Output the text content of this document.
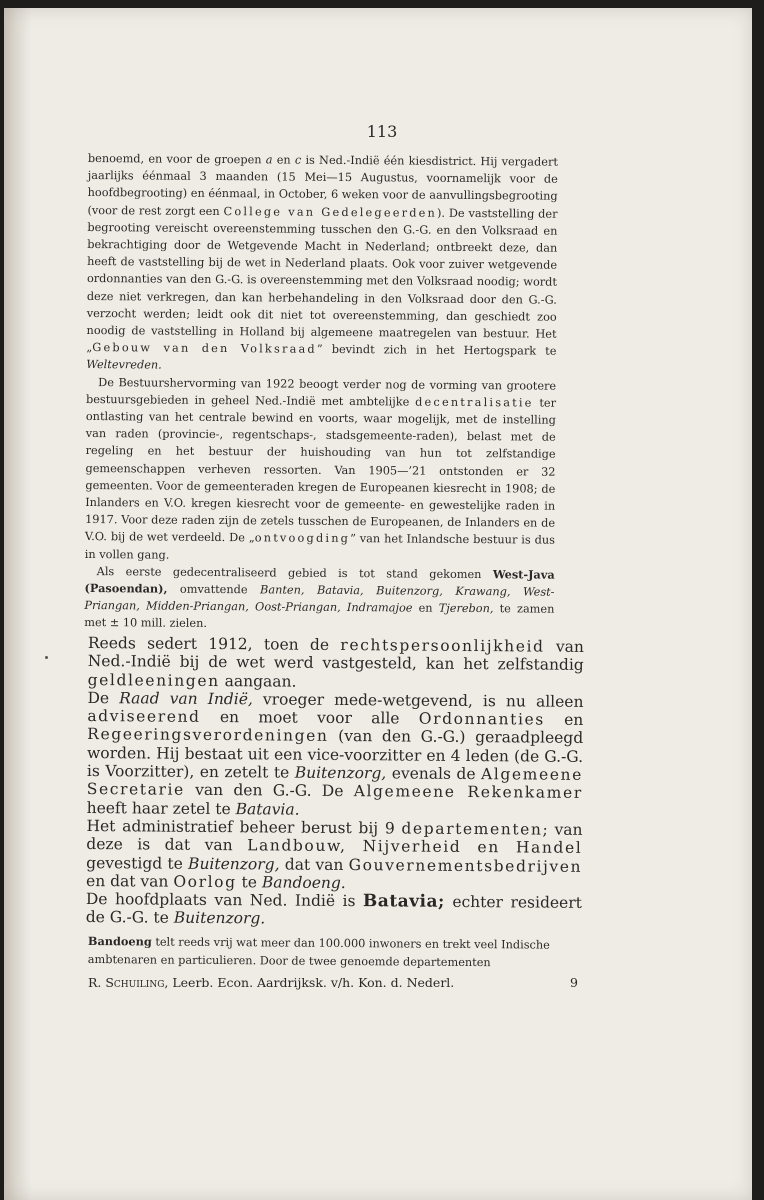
113

benoemd, en voor de groepen a en c is Ned.-Indië één kiesdistrict. Hij vergadert jaarlijks éénmaal 3 maanden (15 Mei—15 Augustus, voornamelijk voor de hoofdbegrooting) en éénmaal, in October, 6 weken voor de aanvullingsbegrooting (voor de rest zorgt een College van Gedelegeerden). De vaststelling der begrooting vereischt overeenstemming tusschen den G.-G. en den Volksraad en bekrachtiging door de Wetgevende Macht in Nederland; ontbreekt deze, dan heeft de vaststelling bij de wet in Nederland plaats. Ook voor zuiver wetgevende ordonnanties van den G.-G. is overeenstemming met den Volksraad noodig; wordt deze niet verkregen, dan kan herbehandeling in den Volksraad door den G.-G. verzocht werden; leidt ook dit niet tot overeenstemming, dan geschiedt zoo noodig de vaststelling in Holland bij algemeene maatregelen van bestuur. Het „Gebouw van den Volksraad” bevindt zich in het Hertogspark te Weltevreden.

De Bestuurshervorming van 1922 beoogt verder nog de vorming van grootere bestuursgebieden in geheel Ned.-Indië met ambtelijke decentralisatie ter ontlasting van het centrale bewind en voorts, waar mogelijk, met de instelling van raden (provincie-, regentschaps-, stadsgemeente-raden), belast met de regeling en het bestuur der huishouding van hun tot zelfstandige gemeenschappen verheven ressorten. Van 1905—’21 ontstonden er 32 gemeenten. Voor de gemeenteraden kregen de Europeanen kiesrecht in 1908; de Inlanders en V.O. kregen kiesrecht voor de gemeente- en gewestelijke raden in 1917. Voor deze raden zijn de zetels tusschen de Europeanen, de Inlanders en de V.O. bij de wet verdeeld. De „ontvoogding” van het Inlandsche bestuur is dus in vollen gang.

Als eerste gedecentraliseerd gebied is tot stand gekomen West-Java (Pasoendan), omvattende Banten, Batavia, Buitenzorg, Krawang, West-Priangan, Midden-Priangan, Oost-Priangan, Indramajoe en Tjerebon, te zamen met ± 10 mill. zielen.

Reeds sedert 1912, toen de rechtspersoonlijkheid van Ned.-Indië bij de wet werd vastgesteld, kan het zelfstandig geldleeningen aangaan.

De Raad van Indië, vroeger mede-wetgevend, is nu alleen adviseerend en moet voor alle Ordonnanties en Regeeringsverordeningen (van den G.-G.) geraadpleegd worden. Hij bestaat uit een vice-voorzitter en 4 leden (de G.-G. is Voorzitter), en zetelt te Buitenzorg, evenals de Algemeene Secretarie van den G.-G. De Algemeene Rekenkamer heeft haar zetel te Batavia.

Het administratief beheer berust bij 9 departementen; van deze is dat van Landbouw, Nijverheid en Handel gevestigd te Buitenzorg, dat van Gouvernementsbedrijven en dat van Oorlog te Bandoeng.

De hoofdplaats van Ned. Indië is Batavia; echter resideert de G.-G. te Buitenzorg.

Bandoeng telt reeds vrij wat meer dan 100.000 inwoners en trekt veel Indische ambtenaren en particulieren. Door de twee genoemde departementen

R. Schuiling, Leerb. Econ. Aardrijksk. v/h. Kon. d. Nederl.	9
